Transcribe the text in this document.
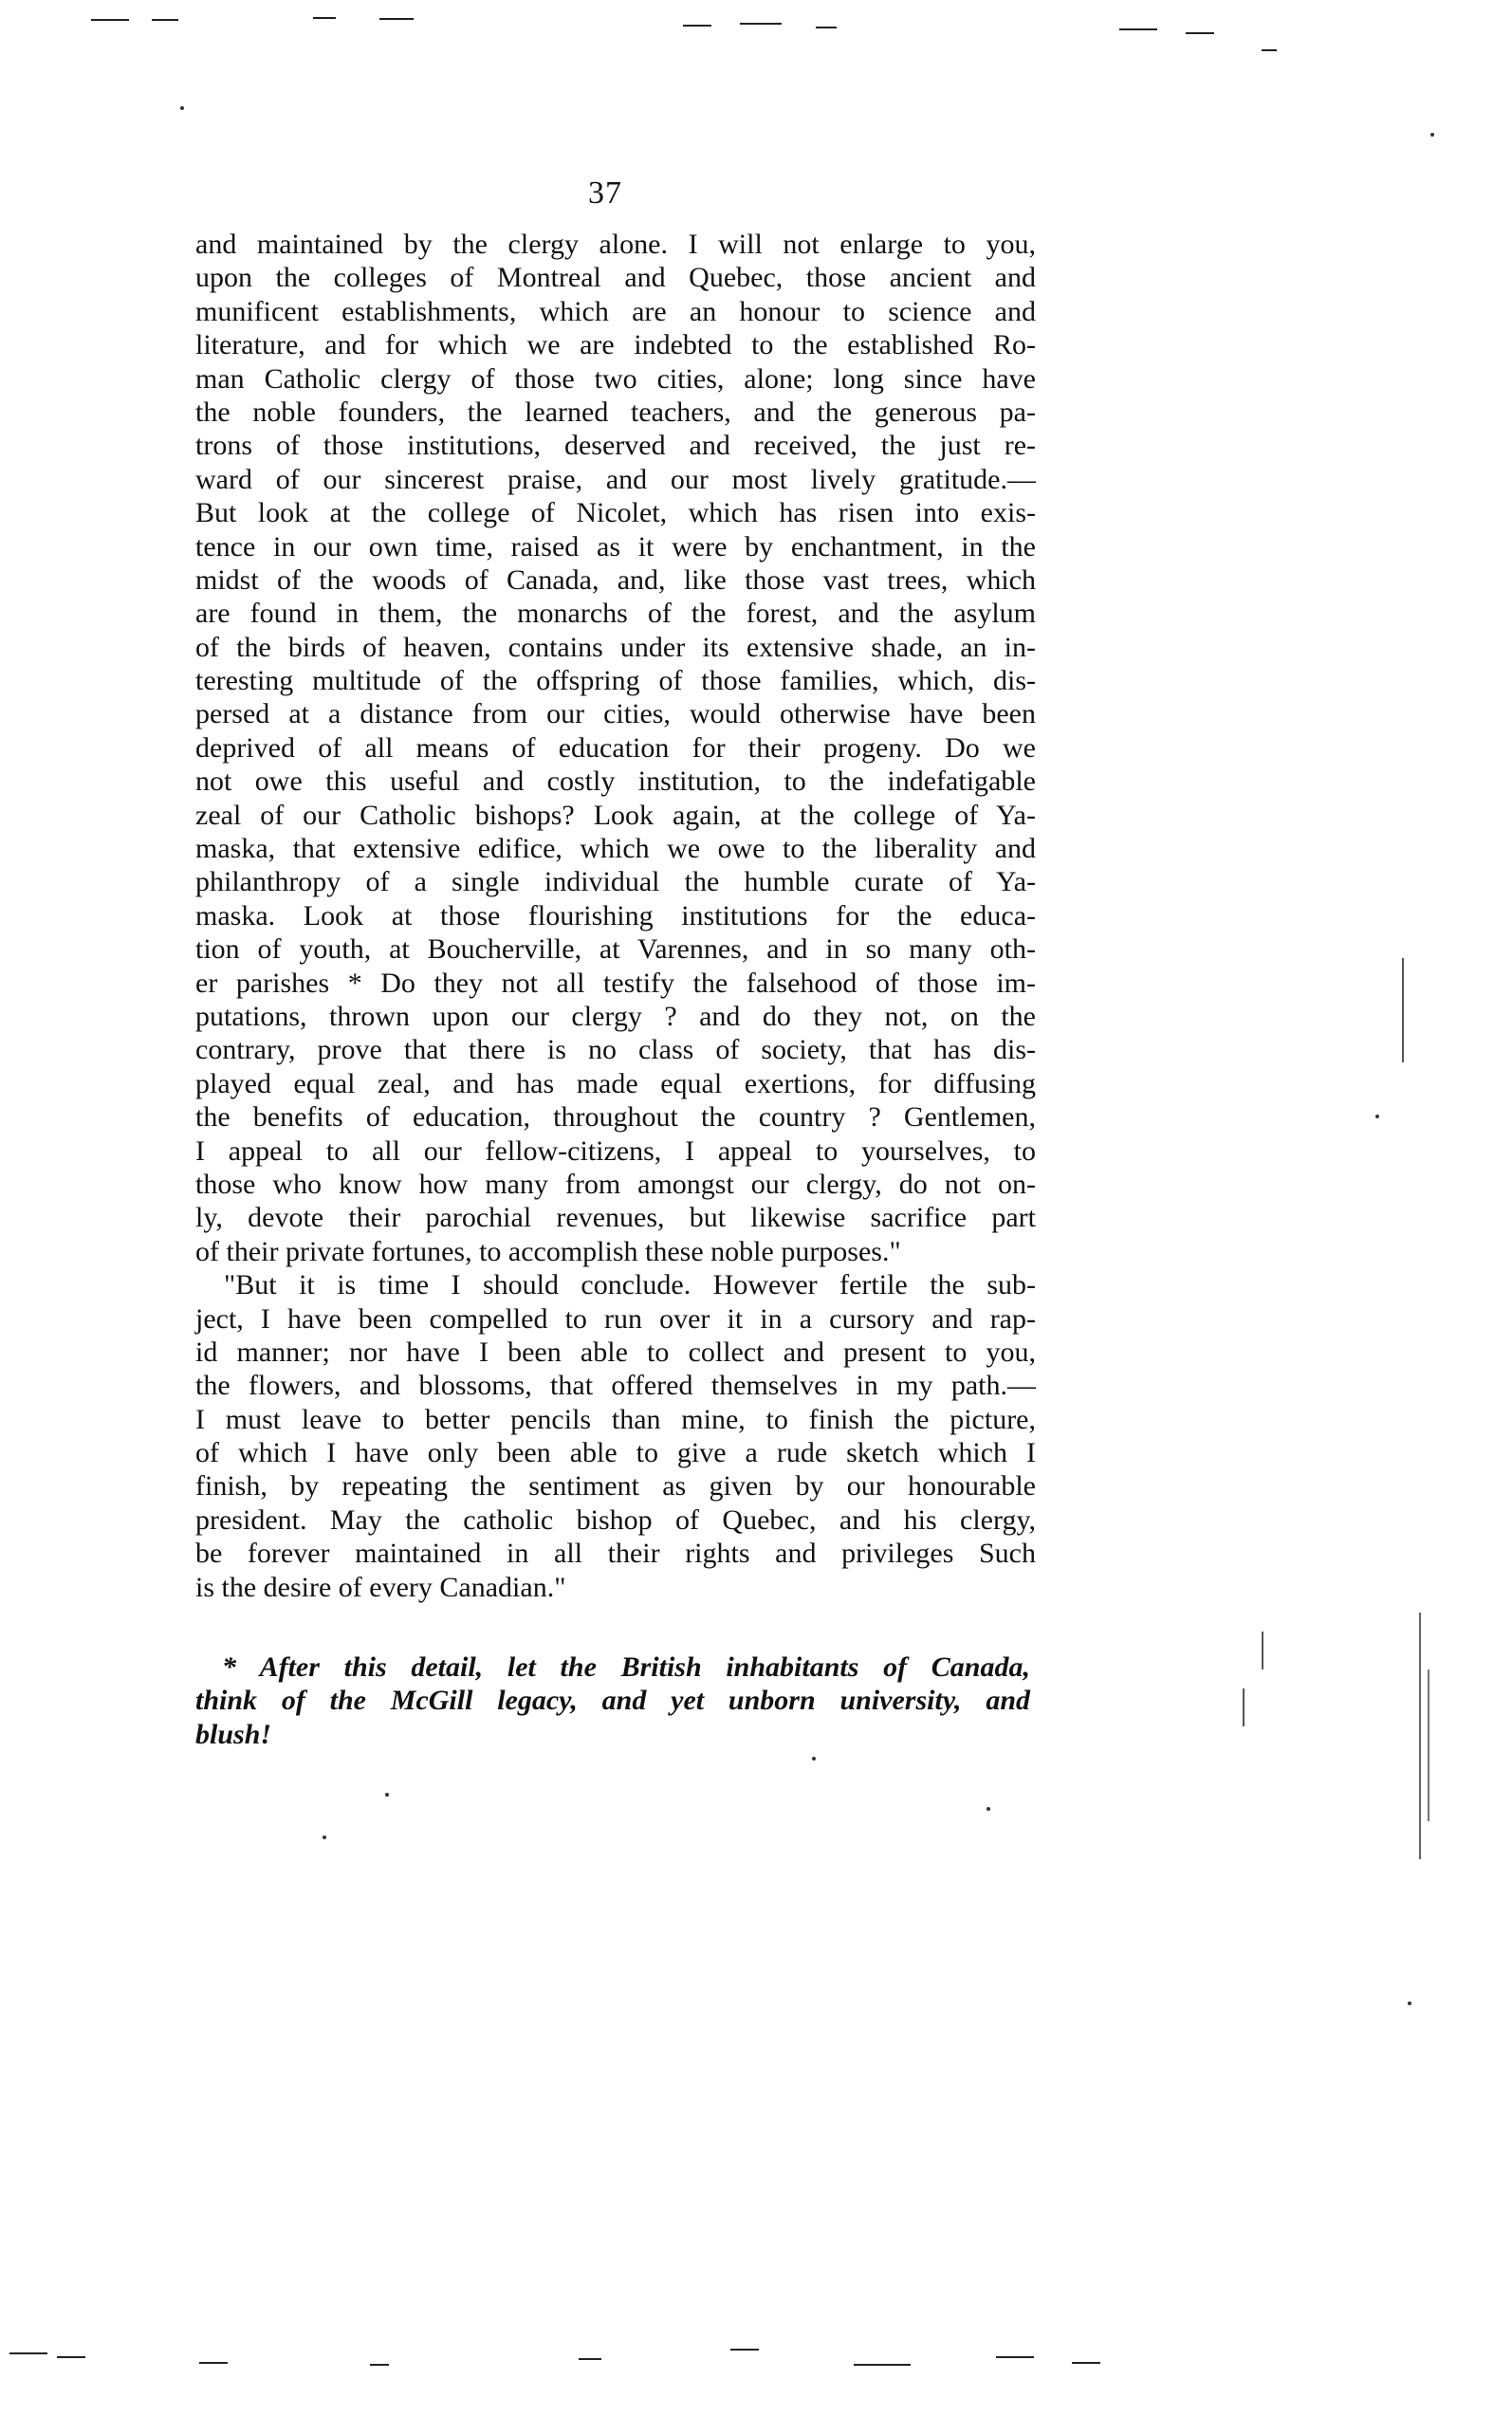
37
and maintained by the clergy alone. I will not enlarge to you,
upon the colleges of Montreal and Quebec, those ancient and
munificent establishments, which are an honour to science and
literature, and for which we are indebted to the established Ro-
man Catholic clergy of those two cities, alone; long since have
the noble founders, the learned teachers, and the generous pa-
trons of those institutions, deserved and received, the just re-
ward of our sincerest praise, and our most lively gratitude.—
But look at the college of Nicolet, which has risen into exis-
tence in our own time, raised as it were by enchantment, in the
midst of the woods of Canada, and, like those vast trees, which
are found in them, the monarchs of the forest, and the asylum
of the birds of heaven, contains under its extensive shade, an in-
teresting multitude of the offspring of those families, which, dis-
persed at a distance from our cities, would otherwise have been
deprived of all means of education for their progeny. Do we
not owe this useful and costly institution, to the indefatigable
zeal of our Catholic bishops? Look again, at the college of Ya-
maska, that extensive edifice, which we owe to the liberality and
philanthropy of a single individual the humble curate of Ya-
maska. Look at those flourishing institutions for the educa-
tion of youth, at Boucherville, at Varennes, and in so many oth-
er parishes * Do they not all testify the falsehood of those im-
putations, thrown upon our clergy ? and do they not, on the
contrary, prove that there is no class of society, that has dis-
played equal zeal, and has made equal exertions, for diffusing
the benefits of education, throughout the country ? Gentlemen,
I appeal to all our fellow-citizens, I appeal to yourselves, to
those who know how many from amongst our clergy, do not on-
ly, devote their parochial revenues, but likewise sacrifice part
of their private fortunes, to accomplish these noble purposes."
"But it is time I should conclude. However fertile the sub-
ject, I have been compelled to run over it in a cursory and rap-
id manner; nor have I been able to collect and present to you,
the flowers, and blossoms, that offered themselves in my path.—
I must leave to better pencils than mine, to finish the picture,
of which I have only been able to give a rude sketch which I
finish, by repeating the sentiment as given by our honourable
president. May the catholic bishop of Quebec, and his clergy,
be forever maintained in all their rights and privileges Such
is the desire of every Canadian."
* After this detail, let the British inhabitants of Canada,
think of the McGill legacy, and yet unborn university, and
blush!
